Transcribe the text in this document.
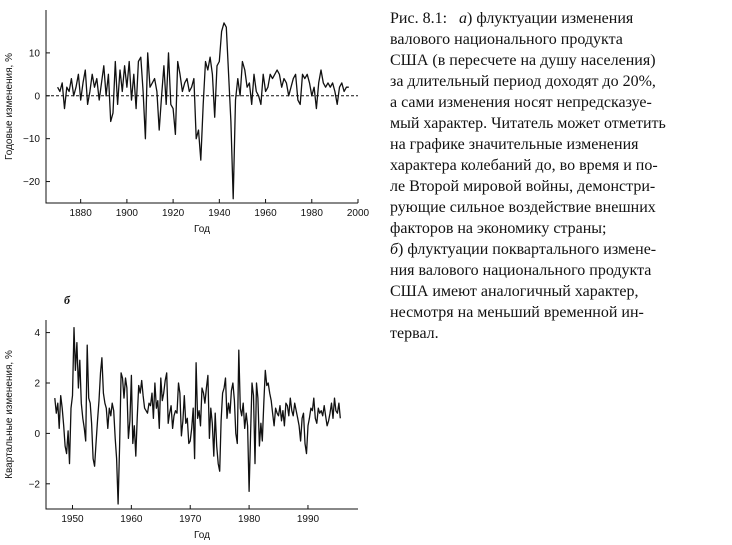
10
0
−10
−20
1880 1900 1920 1940 1960 1980 2000
Год
Годовые изменения, %
4
2
0
−2
1950	1960	1970	1980	1990
Год
Квартальные изменения, %
б
Рис. 8.1:   а) флуктуации изменения
валового национального продукта
США (в пересчете на душу населения)
за длительный период доходят до 20%,
а сами изменения носят непредсказуе-
мый характер. Читатель может отметить
на графике значительные изменения
характера колебаний до, во время и по-
ле Второй мировой войны, демонстри-
рующие сильное воздействие внешних
факторов на экономику страны;
б) флуктуации поквартального измене-
ния валового национального продукта
США имеют аналогичный характер,
несмотря на меньший временной ин-
тервал.
